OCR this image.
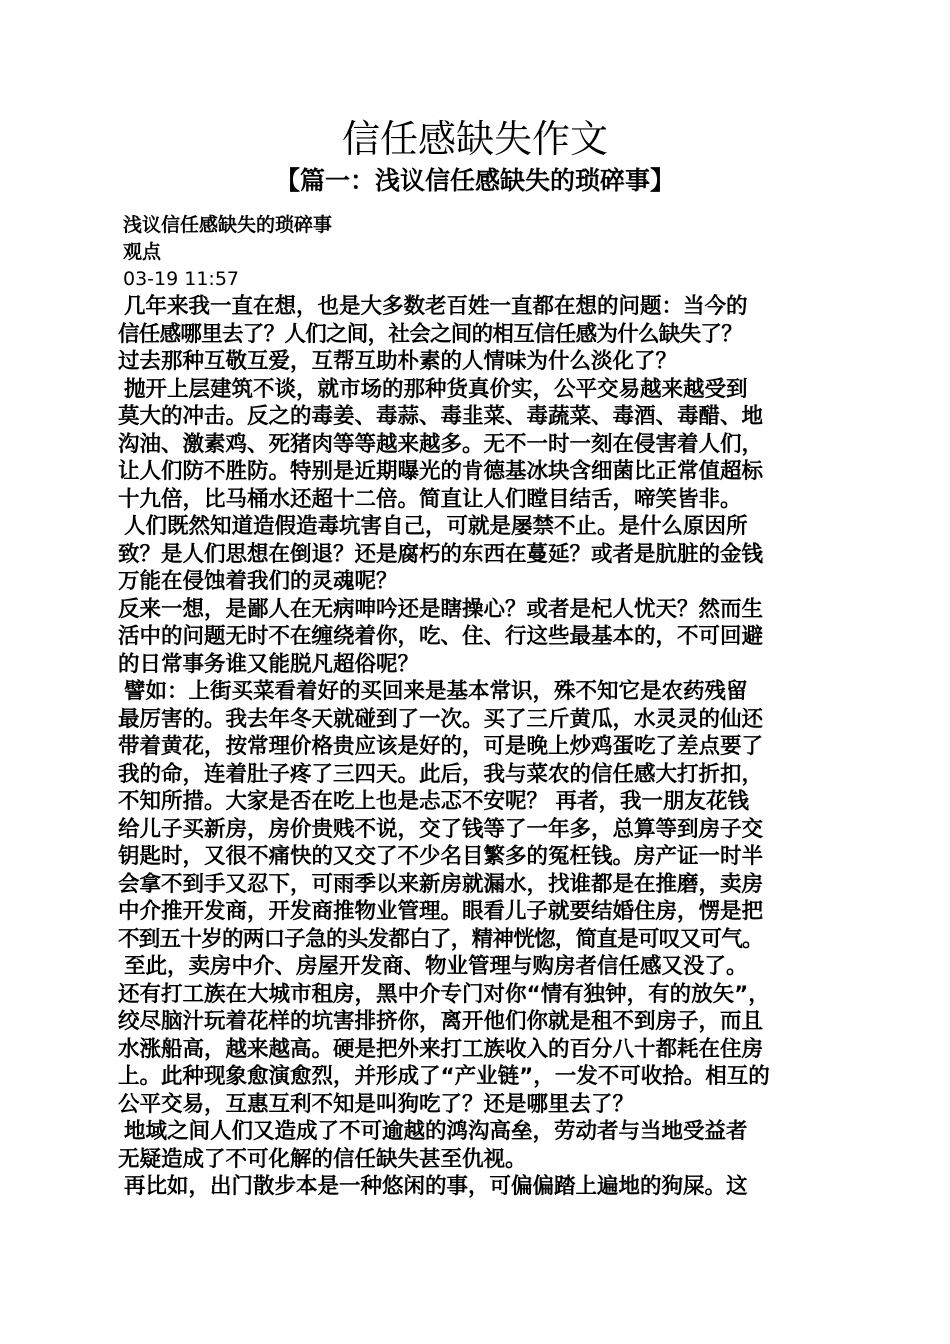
信任感缺失作文
【篇一：浅议信任感缺失的琐碎事】
浅议信任感缺失的琐碎事
观点
03-19 11:57
几年来我一直在想，也是大多数老百姓一直都在想的问题：当今的
信任感哪里去了？人们之间，社会之间的相互信任感为什么缺失了？
过去那种互敬互爱，互帮互助朴素的人情味为什么淡化了？
抛开上层建筑不谈，就市场的那种货真价实，公平交易越来越受到
莫大的冲击。反之的毒姜、毒蒜、毒韭菜、毒蔬菜、毒酒、毒醋、地
沟油、激素鸡、死猪肉等等越来越多。无不一时一刻在侵害着人们，
让人们防不胜防。特别是近期曝光的肯德基冰块含细菌比正常值超标
十九倍，比马桶水还超十二倍。简直让人们瞠目结舌，啼笑皆非。
人们既然知道造假造毒坑害自己，可就是屡禁不止。是什么原因所
致？是人们思想在倒退？还是腐朽的东西在蔓延？或者是肮脏的金钱
万能在侵蚀着我们的灵魂呢？
反来一想，是鄙人在无病呻吟还是瞎操心？或者是杞人忧天？然而生
活中的问题无时不在缠绕着你，吃、住、行这些最基本的，不可回避
的日常事务谁又能脱凡超俗呢？
譬如：上街买菜看着好的买回来是基本常识，殊不知它是农药残留
最厉害的。我去年冬天就碰到了一次。买了三斤黄瓜，水灵灵的仙还
带着黄花，按常理价格贵应该是好的，可是晚上炒鸡蛋吃了差点要了
我的命，连着肚子疼了三四天。此后，我与菜农的信任感大打折扣，
不知所措。大家是否在吃上也是忐忑不安呢？ 再者，我一朋友花钱
给儿子买新房，房价贵贱不说，交了钱等了一年多，总算等到房子交
钥匙时，又很不痛快的又交了不少名目繁多的冤枉钱。房产证一时半
会拿不到手又忍下，可雨季以来新房就漏水，找谁都是在推磨，卖房
中介推开发商，开发商推物业管理。眼看儿子就要结婚住房，愣是把
不到五十岁的两口子急的头发都白了，精神恍惚，简直是可叹又可气。
至此，卖房中介、房屋开发商、物业管理与购房者信任感又没了。
还有打工族在大城市租房，黑中介专门对你“情有独钟，有的放矢”，
绞尽脑汁玩着花样的坑害排挤你，离开他们你就是租不到房子，而且
水涨船高，越来越高。硬是把外来打工族收入的百分八十都耗在住房
上。此种现象愈演愈烈，并形成了“产业链”，一发不可收拾。相互的
公平交易，互惠互利不知是叫狗吃了？还是哪里去了？
地域之间人们又造成了不可逾越的鸿沟高垒，劳动者与当地受益者
无疑造成了不可化解的信任缺失甚至仇视。
再比如，出门散步本是一种悠闲的事，可偏偏踏上遍地的狗屎。这
